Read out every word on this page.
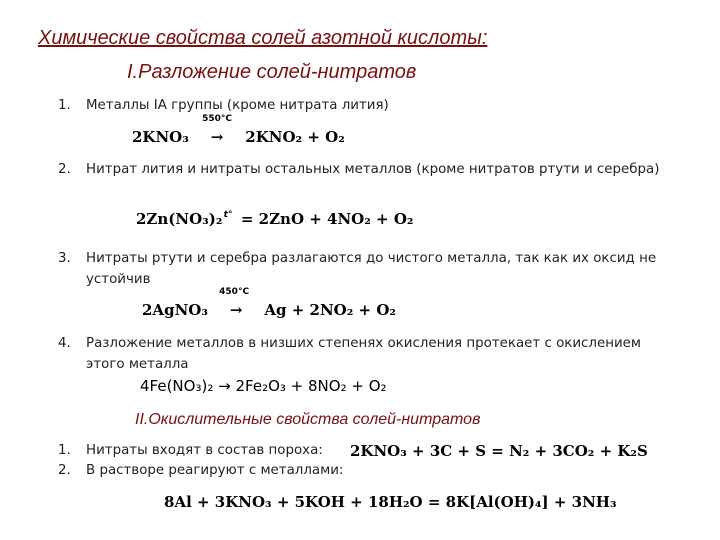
Химические свойства солей азотной кислоты:
I.Разложение солей-нитратов
1. Металлы IA группы (кроме нитрата лития)
2KNO₃
550°C
→ 2KNO₂ + O₂
2. Нитрат лития и нитраты остальных металлов (кроме нитратов ртути и серебра)
2Zn(NO₃)₂ t° = 2ZnO + 4NO₂ + O₂
3. Нитраты ртути и серебра разлагаются до чистого металла, так как их оксид не устойчив
2AgNO₃
450°C
→ Ag + 2NO₂ + O₂
4. Разложение металлов в низших степенях окисления протекает с окислением этого металла
4Fe(NO₃)₂ → 2Fe₂O₃ + 8NO₂ + O₂
II.Окислительные свойства солей-нитратов
1. Нитраты входят в состав пороха:	2KNO₃ + 3C + S = N₂ + 3CO₂ + K₂S
2. В растворе реагируют с металлами:
8Al + 3KNO₃ + 5KOH + 18H₂O = 8K[Al(OH)₄] + 3NH₃
